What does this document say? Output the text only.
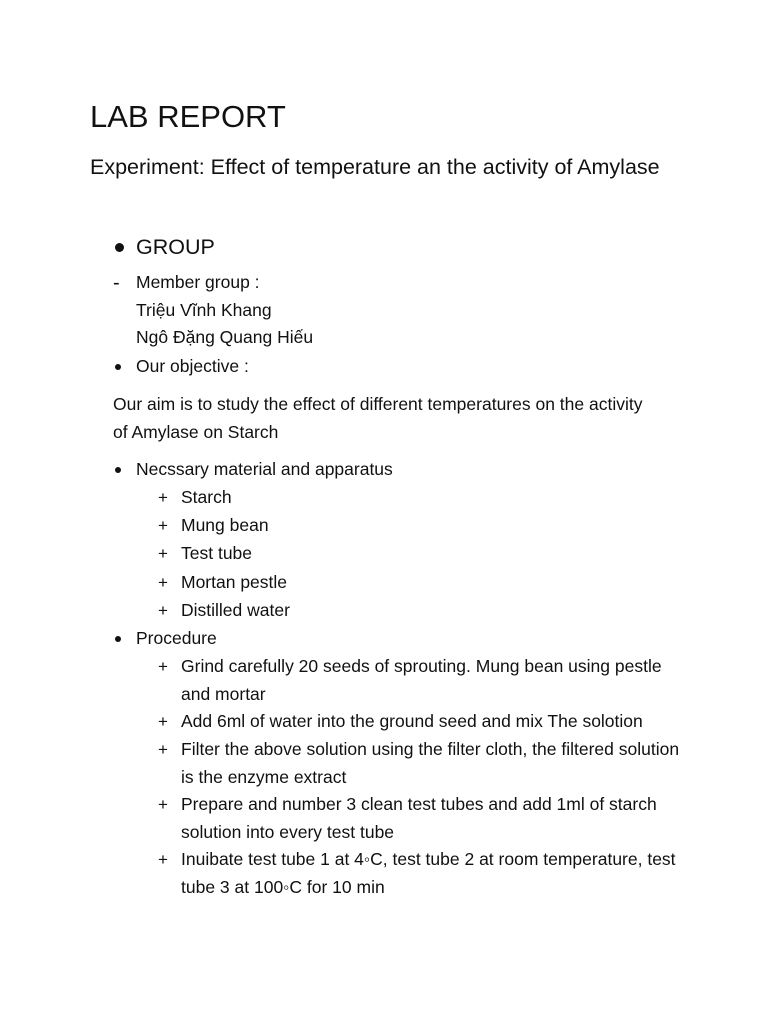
LAB REPORT
Experiment: Effect of temperature an the activity of Amylase
GROUP
- Member group :
Triệu Vĩnh Khang
Ngô Đặng Quang Hiếu
Our objective :
Our aim is to study the effect of different temperatures on the activity of Amylase on Starch
Necssary material and apparatus
+ Starch
+ Mung bean
+ Test tube
+ Mortan pestle
+ Distilled water
Procedure
+ Grind carefully 20 seeds of sprouting. Mung bean using pestle and mortar
+ Add 6ml of water into the ground seed and mix The solotion
+ Filter the above solution using the filter cloth, the filtered solution is the enzyme extract
+ Prepare and number 3 clean test tubes and add 1ml of starch solution into every test tube
+ Inuibate test tube 1 at 4◦C, test tube 2 at room temperature, test tube 3 at 100◦C for 10 min
